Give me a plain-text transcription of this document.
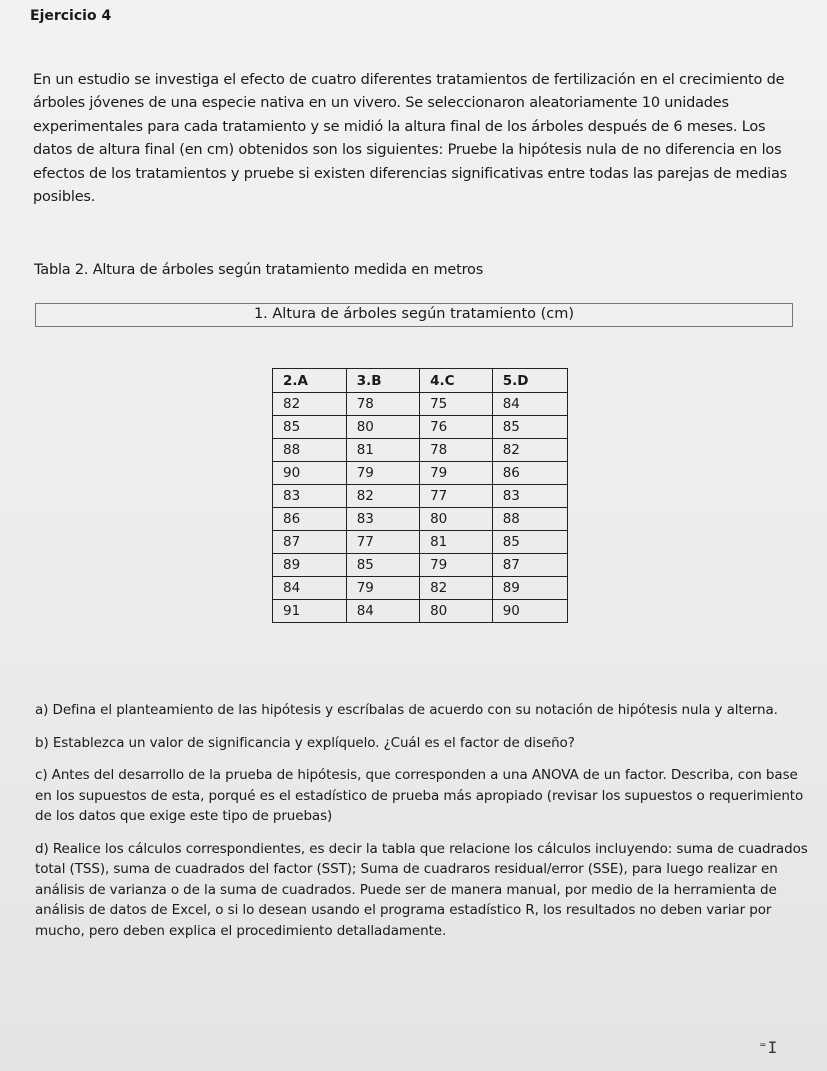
Ejercicio 4

En un estudio se investiga el efecto de cuatro diferentes tratamientos de fertilización en el crecimiento de árboles jóvenes de una especie nativa en un vivero. Se seleccionaron aleatoriamente 10 unidades experimentales para cada tratamiento y se midió la altura final de los árboles después de 6 meses. Los datos de altura final (en cm) obtenidos son los siguientes: Pruebe la hipótesis nula de no diferencia en los efectos de los tratamientos y pruebe si existen diferencias significativas entre todas las parejas de medias posibles.

Tabla 2. Altura de árboles según tratamiento medida en metros
1. Altura de árboles según tratamiento (cm)
2.A	3.B	4.C	5.D
82	78	75	84
85	80	76	85
88	81	78	82
90	79	79	86
83	82	77	83
86	83	80	88
87	77	81	85
89	85	79	87
84	79	82	89
91	84	80	90

a) Defina el planteamiento de las hipótesis y escríbalas de acuerdo con su notación de hipótesis nula y alterna.

b) Establezca un valor de significancia y explíquelo. ¿Cuál es el factor de diseño?

c) Antes del desarrollo de la prueba de hipótesis, que corresponden a una ANOVA de un factor. Describa, con base en los supuestos de esta, porqué es el estadístico de prueba más apropiado (revisar los supuestos o requerimiento de los datos que exige este tipo de pruebas)

d) Realice los cálculos correspondientes, es decir la tabla que relacione los cálculos incluyendo: suma de cuadrados total (TSS), suma de cuadrados del factor (SST); Suma de cuadraros residual/error (SSE), para luego realizar en análisis de varianza o de la suma de cuadrados. Puede ser de manera manual, por medio de la herramienta de análisis de datos de Excel, o si lo desean usando el programa estadístico R, los resultados no deben variar por mucho, pero deben explica el procedimiento detalladamente.

⁼I
